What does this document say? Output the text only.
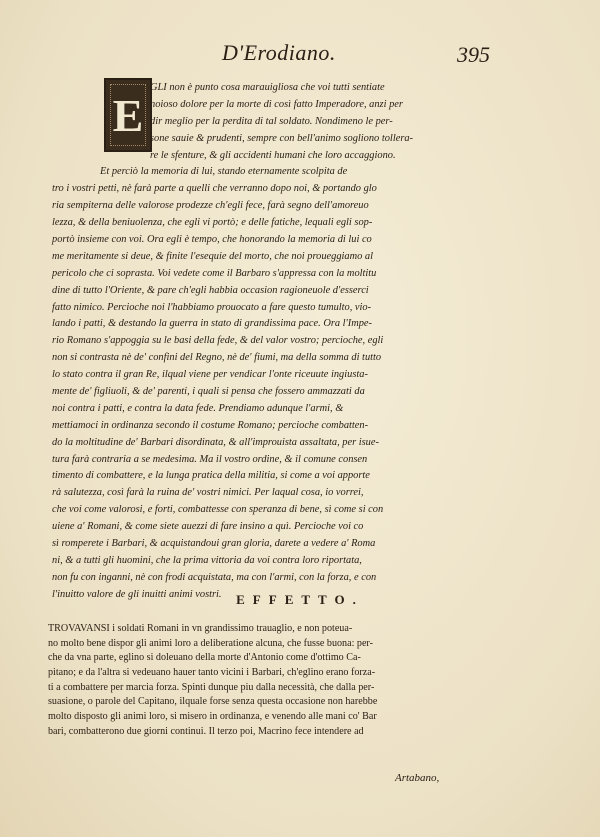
D'Erodiano.	395
E
GLI non è punto cosa marauigliosa che voi tutti sentiate
noioso dolore per la morte di così fatto Imperadore, anzi per
dir meglio per la perdita di tal soldato. Nondimeno le per-
sone sauie & prudenti, sempre con bell'animo sogliono tollera-
re le sfenture, & gli accidenti humani che loro accaggiono.
Et perciò la memoria di lui, stando eternamente scolpita de
tro i vostri petti, nè farà parte a quelli che verranno dopo noi, & portando glo
ria sempiterna delle valorose prodezze ch'egli fece, farà segno dell'amoreuo
lezza, & della beniuolenza, che egli vi portò; e delle fatiche, lequali egli sop-
portò insieme con voi. Ora egli è tempo, che honorando la memoria di lui co
me meritamente si deue, & finite l'esequie del morto, che noi proueggiamo al
pericolo che ci soprasta. Voi vedete come il Barbaro s'appressa con la moltitu
dine di tutto l'Oriente, & pare ch'egli habbia occasion ragioneuole d'esserci
fatto nimico. Percioche noi l'habbiamo prouocato a fare questo tumulto, vio-
lando i patti, & destando la guerra in stato di grandissima pace. Ora l'Impe-
rio Romano s'appoggia su le basi della fede, & del valor vostro; percioche, egli
non si contrasta nè de' confini del Regno, nè de' fiumi, ma della somma di tutto
lo stato contra il gran Re, ilqual viene per vendicar l'onte riceuute ingiusta-
mente de' figliuoli, & de' parenti, i quali si pensa che fossero ammazzati da
noi contra i patti, e contra la data fede. Prendiamo adunque l'armi, &
mettiamoci in ordinanza secondo il costume Romano; percioche combatten-
do la moltitudine de' Barbari disordinata, & all'improuista assaltata, per isue-
tura farà contraria a se medesima. Ma il vostro ordine, & il comune consen
timento di combattere, e la lunga pratica della militia, si come a voi apporte
rà salutezza, così farà la ruina de' vostri nimici. Per laqual cosa, io vorrei,
che voi come valorosi, e forti, combattesse con speranza di bene, sì come si con
uiene a' Romani, & come siete auezzi di fare insino a quì. Percioche voi co
sì romperete i Barbari, & acquistandoui gran gloria, darete a vedere a' Roma
ni, & a tutti gli huomini, che la prima vittoria da voi contra loro riportata,
non fu con inganni, nè con frodi acquistata, ma con l'armi, con la forza, e con
l'inuitto valore de gli inuitti animi vostri.	EFFETTO.
TROVAVANSI i soldati Romani in vn grandissimo trauaglio, e non poteua-
no molto bene dispor gli animi loro a deliberatione alcuna, che fusse buona: per-
che da vna parte, eglino si doleuano della morte d'Antonio come d'ottimo Ca-
pitano; e da l'altra si vedeuano hauer tanto vicini i Barbari, ch'eglino erano forza-
ti a combattere per marcia forza. Spinti dunque piu dalla necessità, che dalla per-
suasione, o parole del Capitano, ilquale forse senza questa occasione non harebbe
molto disposto gli animi loro, si misero in ordinanza, e venendo alle mani co' Bar
bari, combatterono due giorni continui. Il terzo poi, Macrino fece intendere ad
Artabano,
